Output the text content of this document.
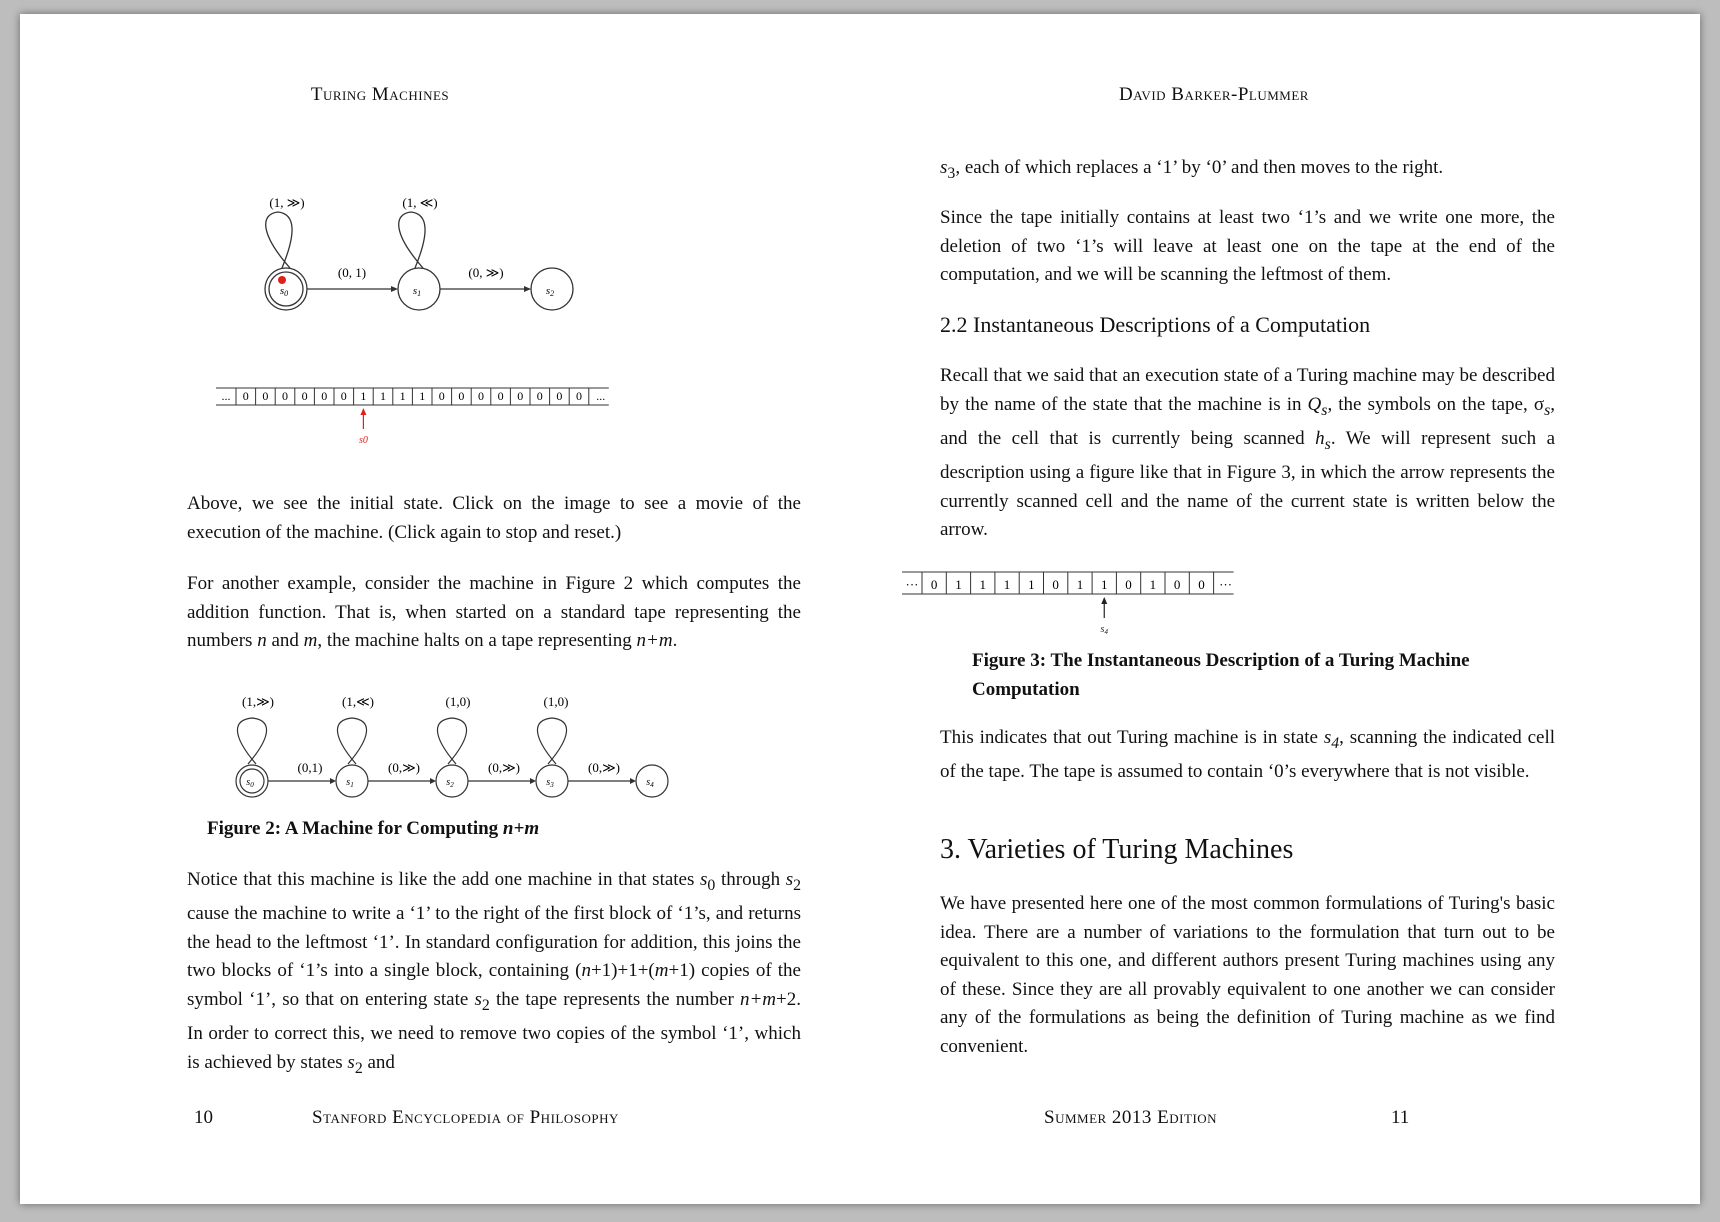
Turing Machines
(1, ≫)	(1, ≪)
(0, 1)	(0, ≫)
s0	s1	s2
... 0 0 0 0 0 0 1 1 1 1 0 0 0 0 0 0 0 0 ...
s0

Above, we see the initial state. Click on the image to see a movie of the execution of the machine. (Click again to stop and reset.)

For another example, consider the machine in Figure 2 which computes the addition function. That is, when started on a standard tape representing the numbers n and m, the machine halts on a tape representing n+m.

(1,≫)	(1,≪)	(1,0)	(1,0)
(0,1)	(0,≫)	(0,≫)	(0,≫)
$s_0$	$s_1$	$s_2$	$s_3$	$s_4$
Figure 2: A Machine for Computing n+m

Notice that this machine is like the add one machine in that states $s_0$ through $s_2$ cause the machine to write a ‘1’ to the right of the first block of ‘1’s, and returns the head to the leftmost ‘1’. In standard configuration for addition, this joins the two blocks of ‘1’s into a single block, containing (n+1)+1+(m+1) copies of the symbol ‘1’, so that on entering state $s_2$ the tape represents the number n+m+2. In order to correct this, we need to remove two copies of the symbol ‘1’, which is achieved by states $s_2$ and

10	Stanford Encyclopedia of Philosophy
David Barker-Plummer

$s_3$, each of which replaces a ‘1’ by ‘0’ and then moves to the right.

Since the tape initially contains at least two ‘1’s and we write one more, the deletion of two ‘1’s will leave at least one on the tape at the end of the computation, and we will be scanning the leftmost of them.

2.2 Instantaneous Descriptions of a Computation

Recall that we said that an execution state of a Turing machine may be described by the name of the state that the machine is in $Q_s$, the symbols on the tape, $\sigma_s$, and the cell that is currently being scanned $h_s$. We will represent such a description using a figure like that in Figure 3, in which the arrow represents the currently scanned cell and the name of the current state is written below the arrow.

··· 0 1 1 1 1 0 1 1 0 1 0 0 ···
$s_4$
Figure 3: The Instantaneous Description of a Turing Machine
Computation

This indicates that out Turing machine is in state $s_4$, scanning the indicated cell of the tape. The tape is assumed to contain ‘0’s everywhere that is not visible.

3. Varieties of Turing Machines

We have presented here one of the most common formulations of Turing's basic idea. There are a number of variations to the formulation that turn out to be equivalent to this one, and different authors present Turing machines using any of these. Since they are all provably equivalent to one another we can consider any of the formulations as being the definition of Turing machine as we find convenient.

Summer 2013 Edition	11
